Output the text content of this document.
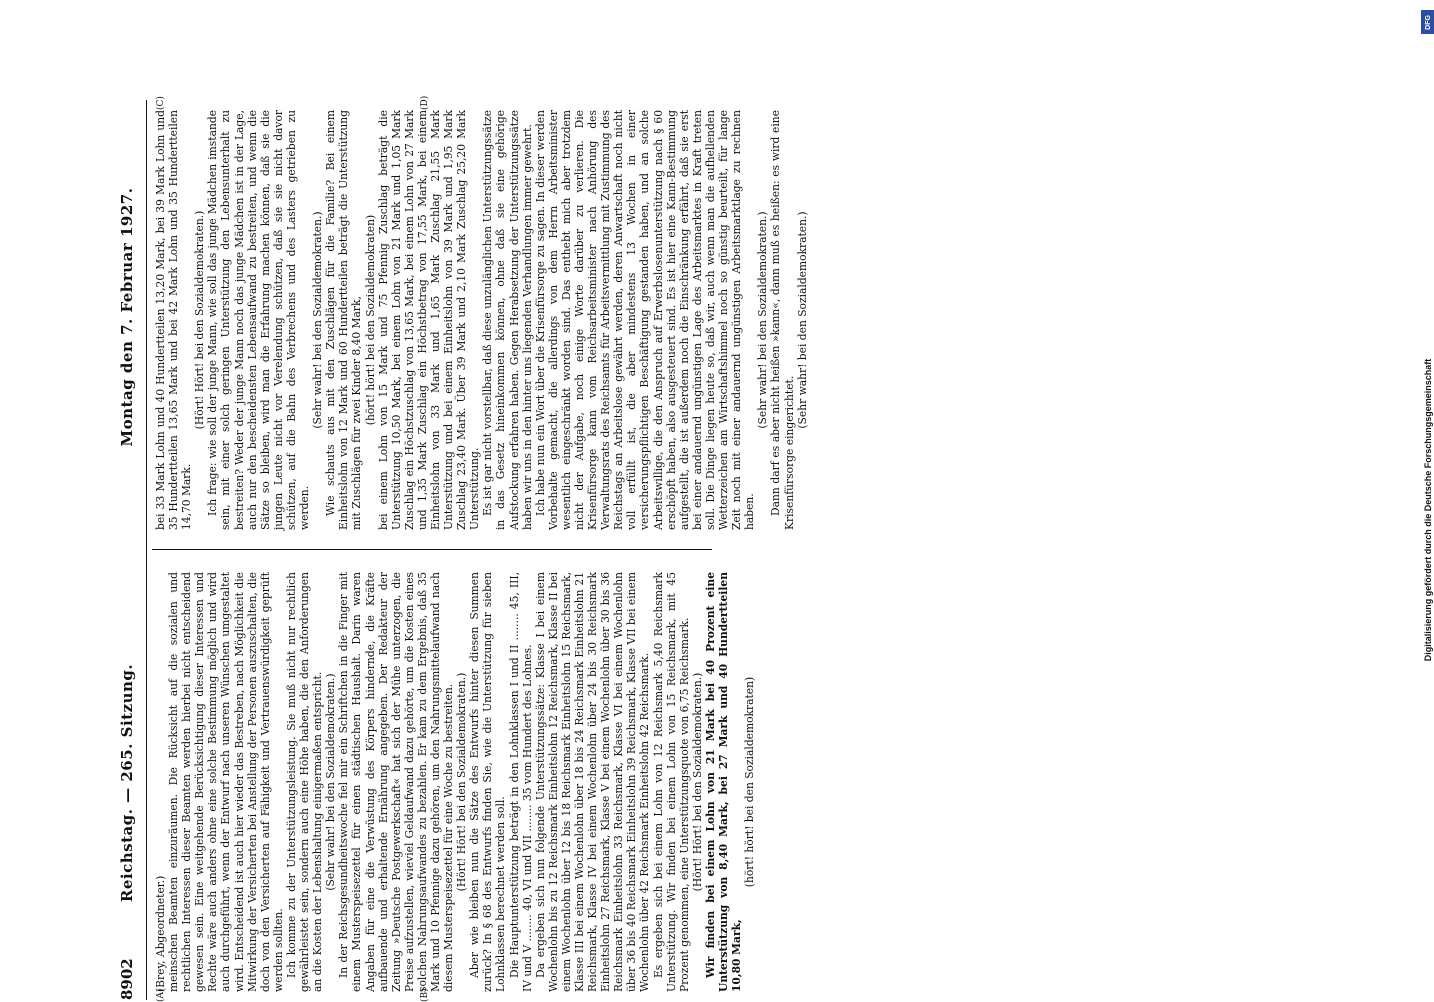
DFG
Digitalisierung gefördert durch die Deutsche Forschungsgemeinschaft
8902
Reichstag. — 265. Sitzung.
Montag den 7. Februar 1927.
(A)	(B)
(C)	(D)

(Brey, Abgeordneter.) meinschen Beamten einzuräumen. Die Rücksicht auf die sozialen und rechtlichen Interessen dieser Beamten werden hierbei nicht entscheidend gewesen sein. Eine weitgehende Berücksichtigung dieser Interessen und Rechte wäre auch anders ohne eine solche Bestimmung möglich und wird auch durchgeführt, wenn der Entwurf nach unseren Wünschen umgestaltet wird. Entscheidend ist auch hier wieder das Bestreben, nach Möglichkeit die Mitwirkung der Versicherten bei Anstellung der Personen auszuschalten, die doch von den Versicherten auf Fähigkeit und Vertrauenswürdigkeit geprüft werden sollten. Ich komme zu der Unterstützungsleistung. Sie muß nicht nur rechtlich gewährleistet sein, sondern auch eine Höhe haben, die den Anforderungen an die Kosten der Lebenshaltung einigermaßen entspricht. (Sehr wahr! bei den Sozialdemokraten.) In der Reichsgesundheitswoche fiel mir ein Schriftchen in die Finger mit einem Musterspeisezettel für einen städtischen Haushalt. Darin waren Angaben für eine die Verwüstung des Körpers hindernde, die Kräfte aufbauende und erhaltende Ernährung angegeben. Der Redakteur der Zeitung »Deutsche Postgewerkschaft« hat sich der Mühe unterzogen, die Preise aufzustellen, wieviel Geldaufwand dazu gehörte, um die Kosten eines solchen Nahrungsaufwandes zu bezahlen. Er kam zu dem Ergebnis, daß 35 Mark und 10 Pfennige dazu gehören, um den Nahrungsmittelaufwand nach diesem Musterspeisezettel für eine Woche zu bestreiten. (Hört! Hört! bei den Sozialdemokraten.) Aber wie bleiben nun die Sätze des Entwurfs hinter diesen Summen zurück? In § 68 des Entwurfs finden Sie, wie die Unterstützung für sieben Lohnklassen berechnet werden soll. Die Hauptunterstützung beträgt in den Lohnklassen I und II ........ 45, III, IV und V ........ 40, VI und VII ........ 35 vom Hundert des Lohnes. Da ergeben sich nun folgende Unterstützungssätze: Klasse I bei einem Wochenlohn bis zu 12 Reichsmark Einheitslohn 12 Reichsmark, Klasse II bei einem Wochenlohn über 12 bis 18 Reichsmark Einheitslohn 15 Reichsmark, Klasse III bei einem Wochenlohn über 18 bis 24 Reichsmark Einheitslohn 21 Reichsmark, Klasse IV bei einem Wochenlohn über 24 bis 30 Reichsmark Einheitslohn 27 Reichsmark, Klasse V bei einem Wochenlohn über 30 bis 36 Reichsmark Einheitslohn 33 Reichsmark, Klasse VI bei einem Wochenlohn über 36 bis 40 Reichsmark Einheitslohn 39 Reichsmark, Klasse VII bei einem Wochenlohn über 42 Reichsmark Einheitslohn 42 Reichsmark. Es ergeben sich bei einem Lohn von 12 Reichsmark 5,40 Reichsmark Unterstützung. Wir finden bei einem Lohn von 15 Reichsmark, mit 45 Prozent genommen, eine Unterstützungsquote von 6,75 Reichsmark. (Hört! Hört! bei den Sozialdemokraten.) Wir finden bei einem Lohn von 21 Mark bei 40 Prozent eine Unterstützung von 8,40 Mark, bei 27 Mark und 40 Hundertteilen 10,80 Mark,

(hört! hört! bei den Sozialdemokraten)

bei 33 Mark Lohn und 40 Hundertteilen 13,20 Mark, bei 39 Mark Lohn und 35 Hundertteilen 13,65 Mark und bei 42 Mark Lohn und 35 Hundertteilen 14,70 Mark.

(Hört! Hört! bei den Sozialdemokraten.) Ich frage: wie soll der junge Mann, wie soll das junge Mädchen imstande sein, mit einer solch geringen Unterstützung den Lebensunterhalt zu bestreiten? Weder der junge Mann noch das junge Mädchen ist in der Lage, auch nur den bescheidensten Lebensaufwand zu bestreiten, und wenn die Sätze so bleiben, wird man die Erfahrung machen können, daß sie die jungen Leute nicht vor Verelendung schützen, daß sie sie nicht davor schützen, auf die Bahn des Verbrechens und des Lasters getrieben zu werden.

(Sehr wahr! bei den Sozialdemokraten.) Wie schauts aus mit den Zuschlägen für die Familie? Bei einem Einheitslohn von 12 Mark und 60 Hundertteilen beträgt die Unterstützung mit Zuschlägen für zwei Kinder 8,40 Mark, (hört! hört! bei den Sozialdemokraten) bei einem Lohn von 15 Mark und 75 Pfennig Zuschlag beträgt die Unterstützung 10,50 Mark, bei einem Lohn von 21 Mark und 1,05 Mark Zuschlag ein Höchstzuschlag von 13,65 Mark, bei einem Lohn von 27 Mark und 1,35 Mark Zuschlag ein Höchstbetrag von 17,55 Mark, bei einem Einheitslohn von 33 Mark und 1,65 Mark Zuschlag 21,55 Mark Unterstützung und bei einem Einheitslohn von 39 Mark und 1,95 Mark Zuschlag 23,40 Mark. Über 39 Mark und 2,10 Mark Zuschlag 25,20 Mark Unterstützung. Es ist gar nicht vorstellbar, daß diese unzulänglichen Unterstützungssätze in das Gesetz hineinkommen können, ohne daß sie eine gehörige Aufstockung erfahren haben. Gegen Herabsetzung der Unterstützungssätze haben wir uns in den hinter uns liegenden Verhandlungen immer gewehrt. Ich habe nun ein Wort über die Krisenfürsorge zu sagen. In dieser werden Vorbehalte gemacht, die allerdings von dem Herrn Arbeitsminister wesentlich eingeschränkt worden sind. Das enthebt mich aber trotzdem nicht der Aufgabe, noch einige Worte darüber zu verlieren. Die Krisenfürsorge kann vom Reichsarbeitsminister nach Anhörung des Verwaltungsrats des Reichsamts für Arbeitsvermittlung mit Zustimmung des Reichstags an Arbeitslose gewährt werden, deren Anwartschaft noch nicht voll erfüllt ist, die aber mindestens 13 Wochen in einer versicherungspflichtigen Beschäftigung gestanden haben, und an solche Arbeitswillige, die den Anspruch auf Erwerbslosenunterstützung nach § 60 erschöpft haben, also ausgesteuert sind. Es ist hier eine Kann-Bestimmung aufgestellt, die ist außerdem noch die Einschränkung erfährt, daß sie erst bei einer andauernd ungünstigen Lage des Arbeitsmarktes in Kraft treten soll. Die Dinge liegen heute so, daß wir, auch wenn man die aufhellenden Wetterzeichen am Wirtschaftshimmel noch so günstig beurteilt, für lange Zeit noch mit einer andauernd ungünstigen Arbeitsmarktlage zu rechnen haben.

(Sehr wahr! bei den Sozialdemokraten.) Dann darf es aber nicht heißen »kann«, dann muß es heißen: es wird eine Krisenfürsorge eingerichtet.

(Sehr wahr! bei den Sozialdemokraten.)
